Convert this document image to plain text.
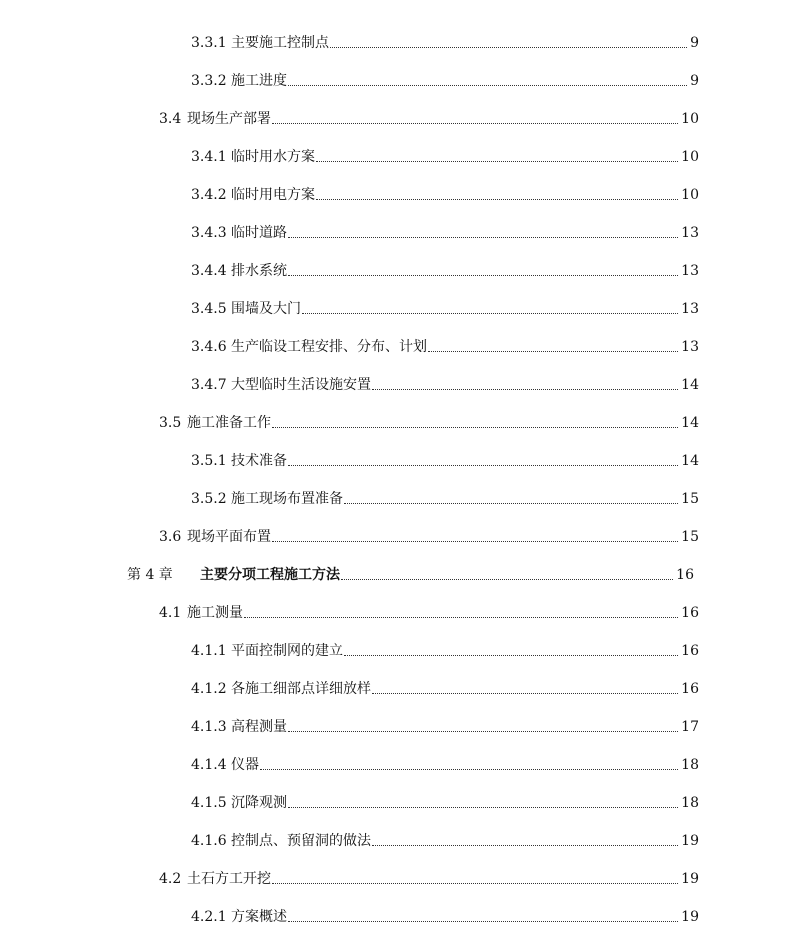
3.3.1 主要施工控制点	9
3.3.2 施工进度	9
3.4 现场生产部署	10
3.4.1 临时用水方案	10
3.4.2 临时用电方案	10
3.4.3 临时道路	13
3.4.4 排水系统	13
3.4.5 围墙及大门	13
3.4.6 生产临设工程安排、分布、计划	13
3.4.7 大型临时生活设施安置	14
3.5 施工准备工作	14
3.5.1 技术准备	14
3.5.2 施工现场布置准备	15
3.6 现场平面布置	15
第 4 章	主要分项工程施工方法	16
4.1 施工测量	16
4.1.1 平面控制网的建立	16
4.1.2 各施工细部点详细放样	16
4.1.3 高程测量	17
4.1.4 仪器	18
4.1.5 沉降观测	18
4.1.6 控制点、预留洞的做法	19
4.2 土石方工开挖	19
4.2.1 方案概述	19
